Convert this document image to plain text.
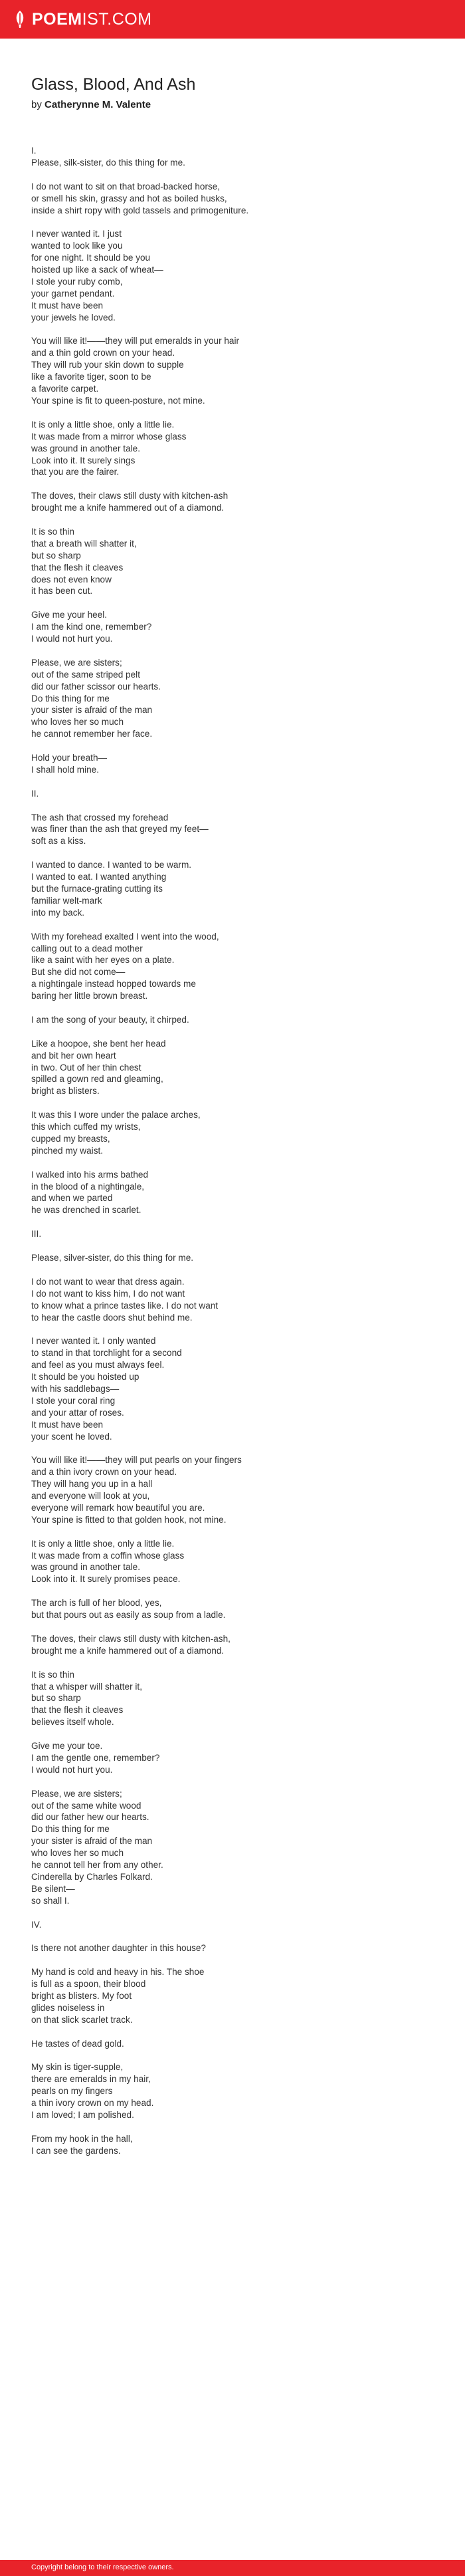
POEMIST.COM
Glass, Blood, And Ash
by Catherynne M. Valente
I.
Please, silk-sister, do this thing for me.
I do not want to sit on that broad-backed horse,
or smell his skin, grassy and hot as boiled husks,
inside a shirt ropy with gold tassels and primogeniture.
I never wanted it. I just
wanted to look like you
for one night. It should be you
hoisted up like a sack of wheat—
I stole your ruby comb,
your garnet pendant.
It must have been
your jewels he loved.
You will like it!——they will put emeralds in your hair
and a thin gold crown on your head.
They will rub your skin down to supple
like a favorite tiger, soon to be
a favorite carpet.
Your spine is fit to queen-posture, not mine.
It is only a little shoe, only a little lie.
It was made from a mirror whose glass
was ground in another tale.
Look into it. It surely sings
that you are the fairer.
The doves, their claws still dusty with kitchen-ash
brought me a knife hammered out of a diamond.
It is so thin
that a breath will shatter it,
but so sharp
that the flesh it cleaves
does not even know
it has been cut.
Give me your heel.
I am the kind one, remember?
I would not hurt you.
Please, we are sisters;
out of the same striped pelt
did our father scissor our hearts.
Do this thing for me
your sister is afraid of the man
who loves her so much
he cannot remember her face.
Hold your breath—
I shall hold mine.
II.
The ash that crossed my forehead
was finer than the ash that greyed my feet—
soft as a kiss.
I wanted to dance. I wanted to be warm.
I wanted to eat. I wanted anything
but the furnace-grating cutting its
familiar welt-mark
into my back.
With my forehead exalted I went into the wood,
calling out to a dead mother
like a saint with her eyes on a plate.
But she did not come—
a nightingale instead hopped towards me
baring her little brown breast.
I am the song of your beauty, it chirped.
Like a hoopoe, she bent her head
and bit her own heart
in two. Out of her thin chest
spilled a gown red and gleaming,
bright as blisters.
It was this I wore under the palace arches,
this which cuffed my wrists,
cupped my breasts,
pinched my waist.
I walked into his arms bathed
in the blood of a nightingale,
and when we parted
he was drenched in scarlet.
III.
Please, silver-sister, do this thing for me.
I do not want to wear that dress again.
I do not want to kiss him, I do not want
to know what a prince tastes like. I do not want
to hear the castle doors shut behind me.
I never wanted it. I only wanted
to stand in that torchlight for a second
and feel as you must always feel.
It should be you hoisted up
with his saddlebags—
I stole your coral ring
and your attar of roses.
It must have been
your scent he loved.
You will like it!——they will put pearls on your fingers
and a thin ivory crown on your head.
They will hang you up in a hall
and everyone will look at you,
everyone will remark how beautiful you are.
Your spine is fitted to that golden hook, not mine.
It is only a little shoe, only a little lie.
It was made from a coffin whose glass
was ground in another tale.
Look into it. It surely promises peace.
The arch is full of her blood, yes,
but that pours out as easily as soup from a ladle.
The doves, their claws still dusty with kitchen-ash,
brought me a knife hammered out of a diamond.
It is so thin
that a whisper will shatter it,
but so sharp
that the flesh it cleaves
believes itself whole.
Give me your toe.
I am the gentle one, remember?
I would not hurt you.
Please, we are sisters;
out of the same white wood
did our father hew our hearts.
Do this thing for me
your sister is afraid of the man
who loves her so much
he cannot tell her from any other.
Cinderella by Charles Folkard.
Be silent—
so shall I.
IV.
Is there not another daughter in this house?
My hand is cold and heavy in his. The shoe
is full as a spoon, their blood
bright as blisters. My foot
glides noiseless in
on that slick scarlet track.
He tastes of dead gold.
My skin is tiger-supple,
there are emeralds in my hair,
pearls on my fingers
a thin ivory crown on my head.
I am loved; I am polished.
From my hook in the hall,
I can see the gardens.
Copyright belong to their respective owners.
